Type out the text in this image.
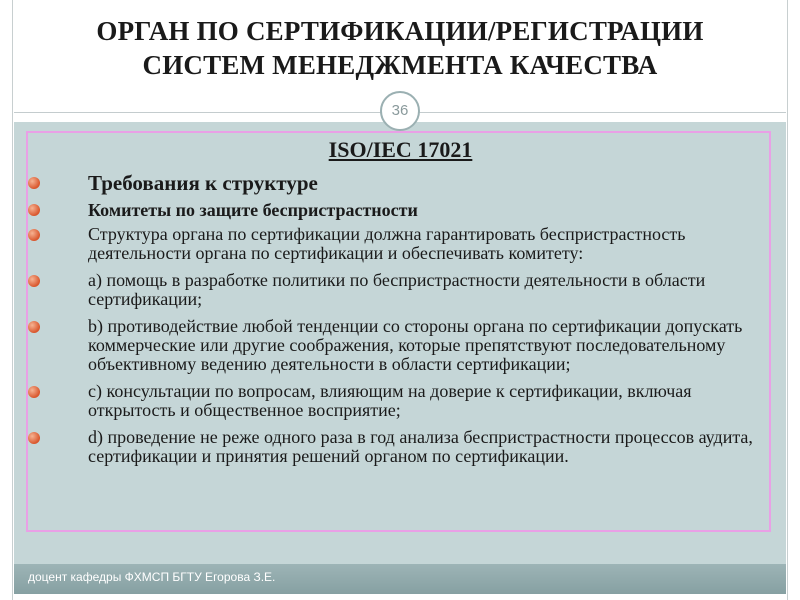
ОРГАН ПО СЕРТИФИКАЦИИ/РЕГИСТРАЦИИ
СИСТЕМ МЕНЕДЖМЕНТА КАЧЕСТВА
36
ISO/IEC 17021
Требования к структуре
Комитеты по защите беспристрастности
Структура органа по сертификации должна гарантировать беспристрастность деятельности органа по сертификации и обеспечивать комитету:
а) помощь в разработке политики по беспристрастности деятельности в области сертификации;
b) противодействие любой тенденции со стороны органа по сертификации допускать коммерческие или другие соображения, которые препятствуют последовательному объективному ведению деятельности в области сертификации;
с) консультации по вопросам, влияющим на доверие к сертификации, включая открытость и общественное восприятие;
d) проведение не реже одного раза в год анализа беспристрастности процессов аудита, сертификации и принятия решений органом по сертификации.
доцент кафедры ФХМСП БГТУ Егорова З.Е.
